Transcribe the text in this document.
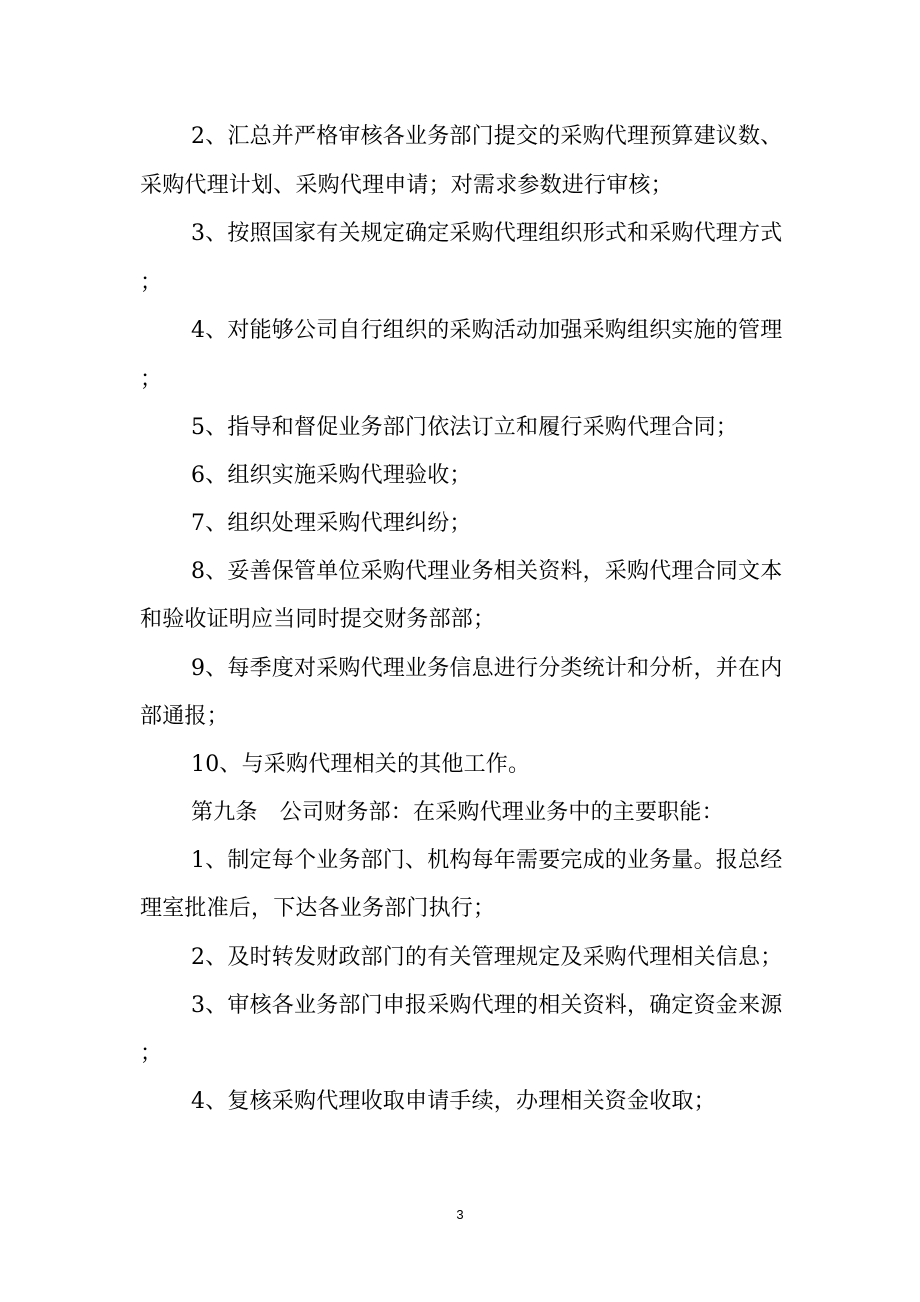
2、汇总并严格审核各业务部门提交的采购代理预算建议数、
采购代理计划、采购代理申请；对需求参数进行审核；
3、按照国家有关规定确定采购代理组织形式和采购代理方式
；
4、对能够公司自行组织的采购活动加强采购组织实施的管理
；
5、指导和督促业务部门依法订立和履行采购代理合同；
6、组织实施采购代理验收；
7、组织处理采购代理纠纷；
8、妥善保管单位采购代理业务相关资料，采购代理合同文本
和验收证明应当同时提交财务部部；
9、每季度对采购代理业务信息进行分类统计和分析，并在内
部通报；
10、与采购代理相关的其他工作。
第九条　公司财务部：在采购代理业务中的主要职能：
1、制定每个业务部门、机构每年需要完成的业务量。报总经
理室批准后，下达各业务部门执行；
2、及时转发财政部门的有关管理规定及采购代理相关信息；
3、审核各业务部门申报采购代理的相关资料，确定资金来源
；
4、复核采购代理收取申请手续，办理相关资金收取；
3
